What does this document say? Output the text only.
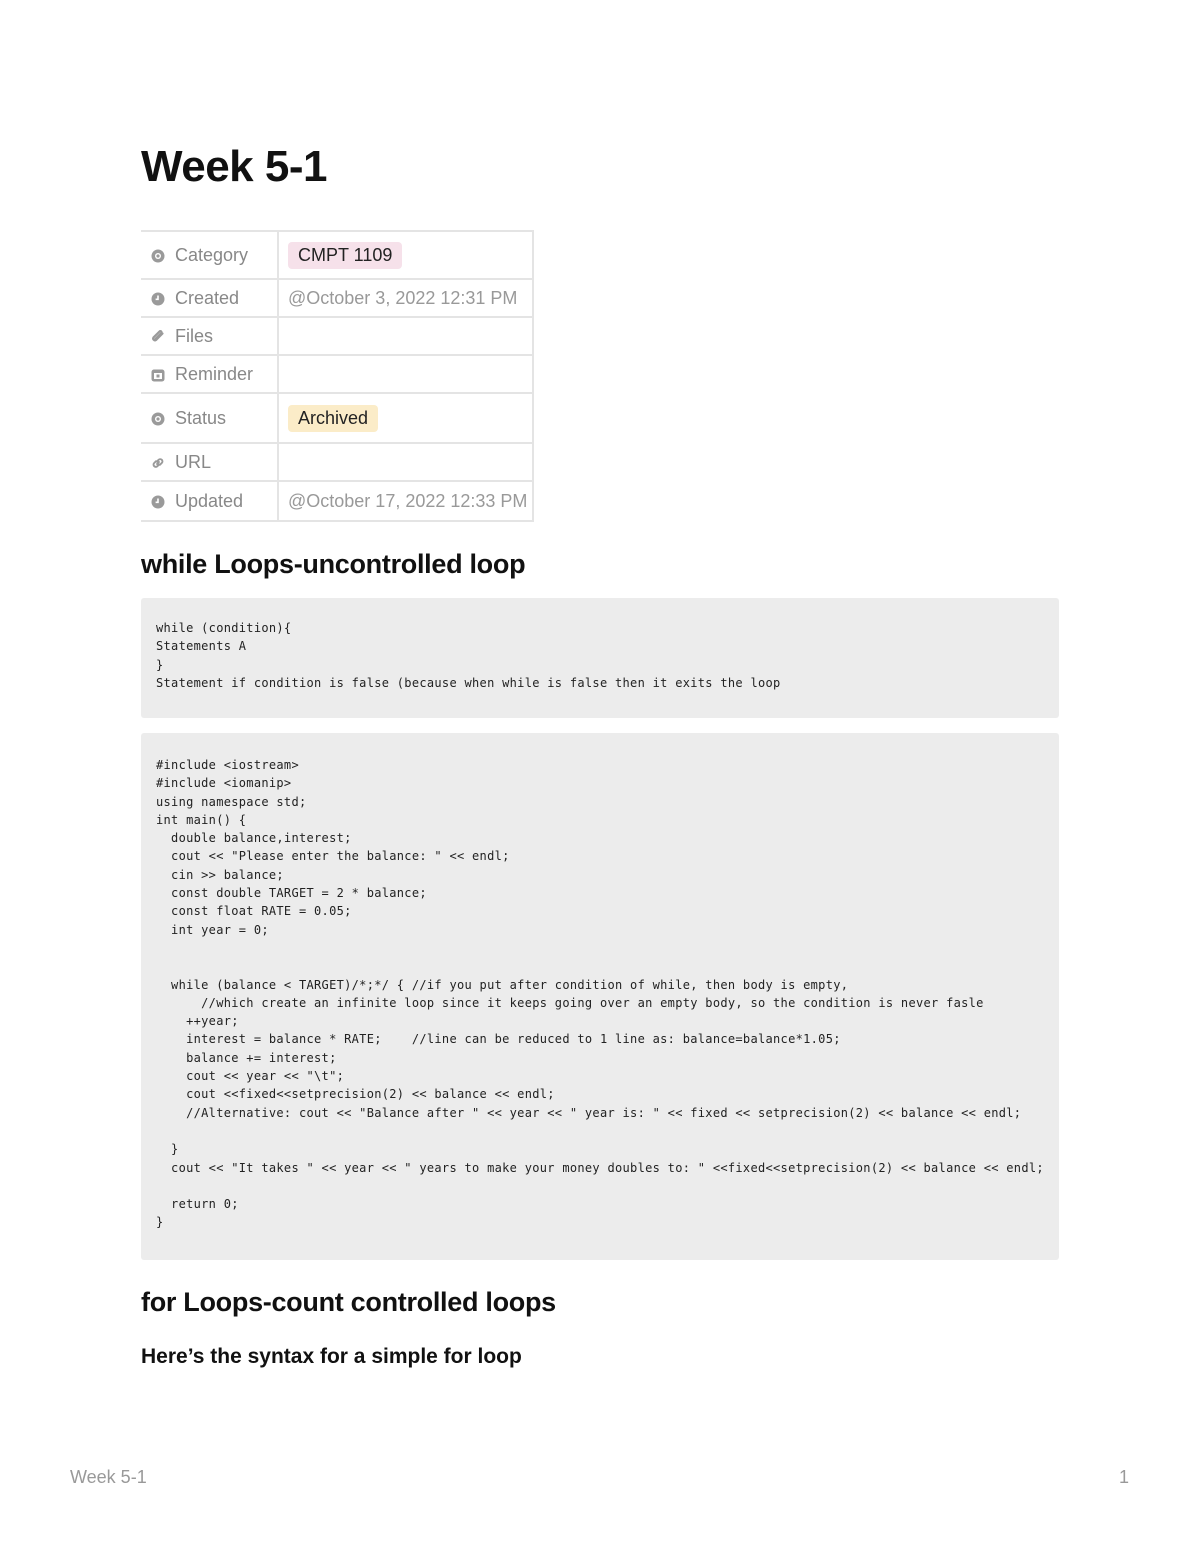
Week 5-1
Category	CMPT 1109
Created	@October 3, 2022 12:31 PM
Files	
Reminder	
Status	Archived
URL	
Updated	@October 17, 2022 12:33 PM
while Loops-uncontrolled loop
while (condition){
Statements A
}
Statement if condition is false (because when while is false then it exits the loop
#include <iostream>
#include <iomanip>
using namespace std;
int main() {
double balance,interest;
cout << "Please enter the balance: " << endl;
cin >> balance;
const double TARGET = 2 * balance;
const float RATE = 0.05;
int year = 0;

while (balance < TARGET)/*;*/ { //if you put after condition of while, then body is empty,
//which create an infinite loop since it keeps going over an empty body, so the condition is never fasle
++year;
interest = balance * RATE;    //line can be reduced to 1 line as: balance=balance*1.05;
balance += interest;
cout << year << "\t";
cout <<fixed<<setprecision(2) << balance << endl;
//Alternative: cout << "Balance after " << year << " year is: " << fixed << setprecision(2) << balance << endl;

}
cout << "It takes " << year << " years to make your money doubles to: " <<fixed<<setprecision(2) << balance << endl;

return 0;
}
for Loops-count controlled loops
Here’s the syntax for a simple for loop
Week 5-1	1
